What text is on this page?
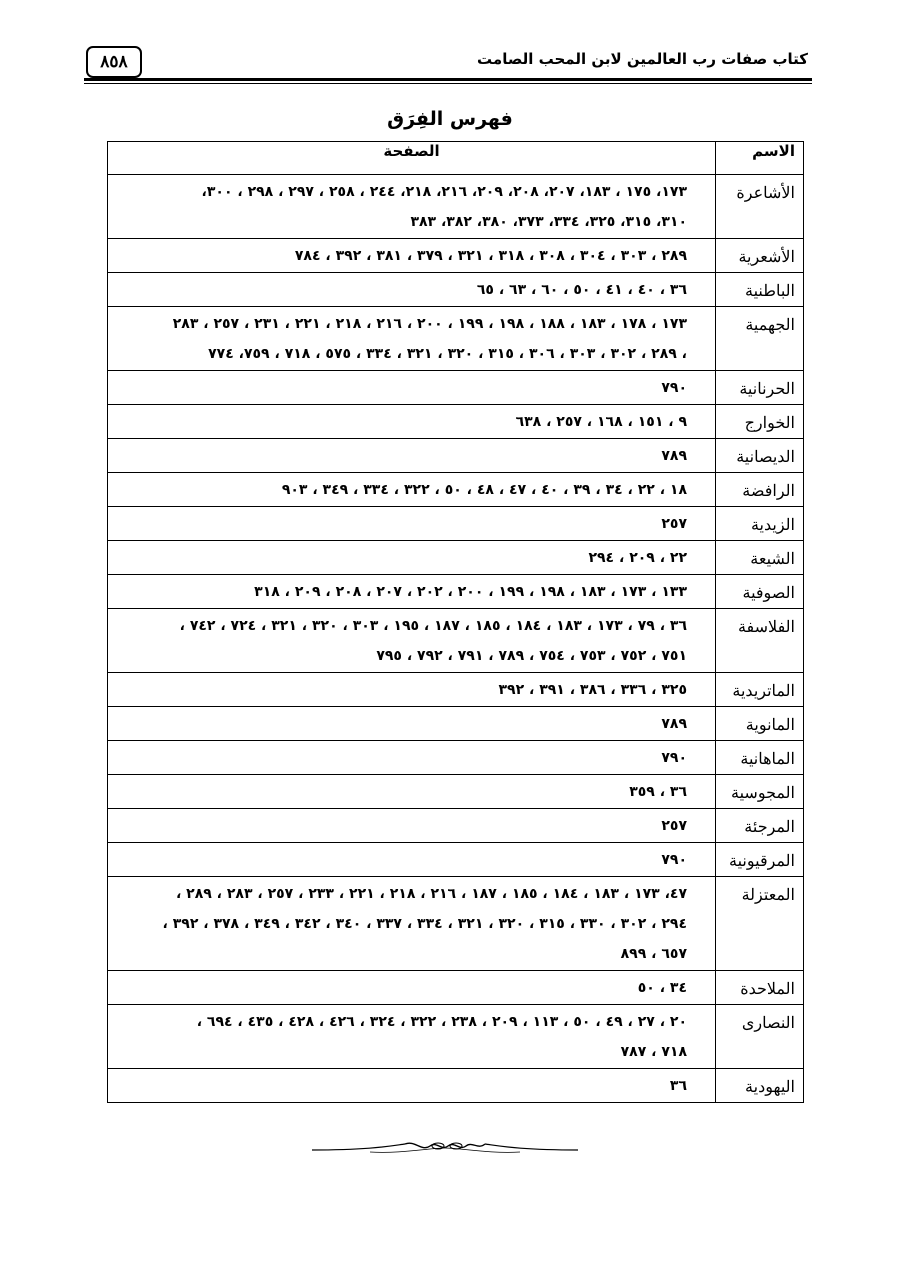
٨٥٨	كتاب صفات رب العالمين لابن المحب الصامت
فهرس الفِرَق
الاسم	الصفحة
الأشاعرة	١٧٣، ١٧٥ ، ١٨٣، ٢٠٧، ٢٠٨، ٢٠٩، ٢١٦، ٢١٨، ٢٤٤ ، ٢٥٨ ، ٢٩٧ ، ٢٩٨ ، ٣٠٠،
٣١٠، ٣١٥، ٣٢٥، ٣٣٤، ٣٧٣، ٣٨٠، ٣٨٢، ٣٨٣

الأشعرية	٢٨٩ ، ٣٠٣ ، ٣٠٤ ، ٣٠٨ ، ٣١٨ ، ٣٢١ ، ٣٧٩ ، ٣٨١ ، ٣٩٢ ، ٧٨٤

الباطنية	٣٦ ، ٤٠ ، ٤١ ، ٥٠ ، ٦٠ ، ٦٣ ، ٦٥

الجهمية	١٧٣ ، ١٧٨ ، ١٨٣ ، ١٨٨ ، ١٩٨ ، ١٩٩ ، ٢٠٠ ، ٢١٦ ، ٢١٨ ، ٢٢١ ، ٢٣١ ، ٢٥٧ ، ٢٨٣
، ٢٨٩ ، ٣٠٢ ، ٣٠٣ ، ٣٠٦ ، ٣١٥ ، ٣٢٠ ، ٣٢١ ، ٣٣٤ ، ٥٧٥ ، ٧١٨ ، ٧٥٩، ٧٧٤

الحرنانية	٧٩٠

الخوارج	٩ ، ١٥١ ، ١٦٨ ، ٢٥٧ ، ٦٣٨

الديصانية	٧٨٩

الرافضة	١٨ ، ٢٢ ، ٣٤ ، ٣٩ ، ٤٠ ، ٤٧ ، ٤٨ ، ٥٠ ، ٣٢٢ ، ٣٣٤ ، ٣٤٩ ، ٩٠٣

الزيدية	٢٥٧

الشيعة	٢٢ ، ٢٠٩ ، ٢٩٤

الصوفية	١٣٣ ، ١٧٣ ، ١٨٣ ، ١٩٨ ، ١٩٩ ، ٢٠٠ ، ٢٠٢ ، ٢٠٧ ، ٢٠٨ ، ٢٠٩ ، ٣١٨

الفلاسفة	٣٦ ، ٧٩ ، ١٧٣ ، ١٨٣ ، ١٨٤ ، ١٨٥ ، ١٨٧ ، ١٩٥ ، ٣٠٣ ، ٣٢٠ ، ٣٢١ ، ٧٢٤ ، ٧٤٢ ،
٧٥١ ، ٧٥٢ ، ٧٥٣ ، ٧٥٤ ، ٧٨٩ ، ٧٩١ ، ٧٩٢ ، ٧٩٥

الماتريدية	٣٢٥ ، ٣٣٦ ، ٣٨٦ ، ٣٩١ ، ٣٩٢

المانوية	٧٨٩

الماهانية	٧٩٠

المجوسية	٣٦ ، ٣٥٩

المرجئة	٢٥٧

المرقيونية	٧٩٠

المعتزلة	٤٧، ١٧٣ ، ١٨٣ ، ١٨٤ ، ١٨٥ ، ١٨٧ ، ٢١٦ ، ٢١٨ ، ٢٢١ ، ٢٣٣ ، ٢٥٧ ، ٢٨٣ ، ٢٨٩ ،
٢٩٤ ، ٣٠٢ ، ٣٣٠ ، ٣١٥ ، ٣٢٠ ، ٣٢١ ، ٣٣٤ ، ٣٣٧ ، ٣٤٠ ، ٣٤٢ ، ٣٤٩ ، ٣٧٨ ، ٣٩٢ ،
٦٥٧ ، ٨٩٩

الملاحدة	٣٤ ، ٥٠

النصارى	٢٠ ، ٢٧ ، ٤٩ ، ٥٠ ، ١١٣ ، ٢٠٩ ، ٢٣٨ ، ٣٢٢ ، ٣٢٤ ، ٤٢٦ ، ٤٢٨ ، ٤٣٥ ، ٦٩٤ ،
٧١٨ ، ٧٨٧

اليهودية	٣٦
